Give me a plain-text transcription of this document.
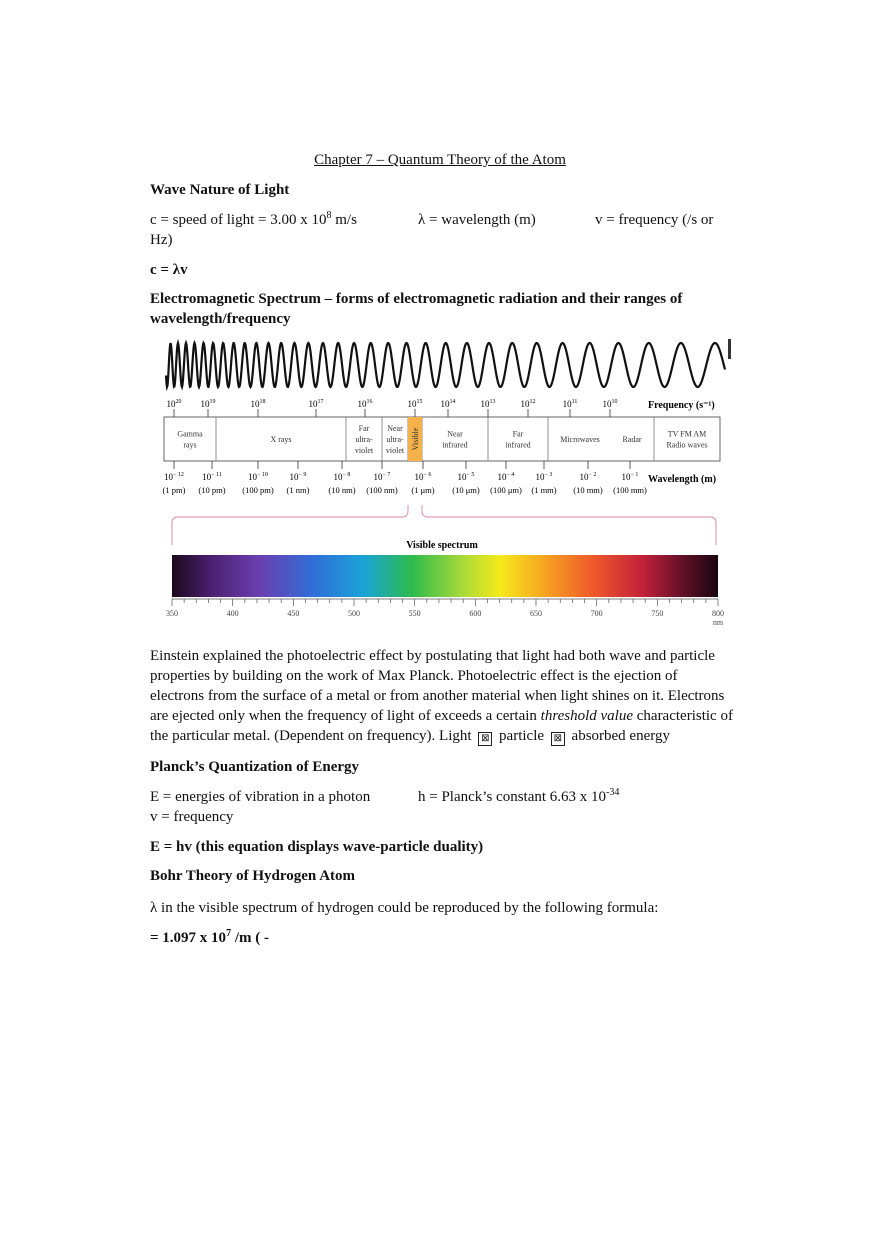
Chapter 7 – Quantum Theory of the Atom
Wave Nature of Light
c = speed of light = 3.00 x $10^8$ m/s	λ = wavelength (m)	v = frequency (/s or
Hz)
c = λv
Electromagnetic Spectrum – forms of electromagnetic radiation and their ranges of
wavelength/frequency
$10^{20}$ $10^{19}$	$10^{18}$	$10^{17}$	$10^{16}$	$10^{15}$ $10^{14}$	$10^{13}$	$10^{12}$	$10^{11}$	$10^{10}$	Frequency (s⁻¹)
Gamma
rays
X rays
Far
ultra-
violet
Near
ultra-
violet
Visible	Near
infrared
Far
infrared
Microwaves	Radar
TV FM AM
Radio waves
$10^{- 12}$
(1 pm)
$10^{- 11}$
(10 pm)
$10^{- 10}$
(100 pm)
$10^{- 9}$
(1 nm)
$10^{- 8}$
(10 nm)
$10^{- 7}$
(100 nm)
$10^{- 6}$
(1 μm)
$10^{- 5}$
(10 μm)
$10^{- 4}$
(100 μm)
$10^{- 3}$
(1 mm)
$10^{- 2}$
(10 mm)
$10^{- 1}$
(100 mm)
Wavelength (m)
Visible spectrum
350	400	450	500	550	600	650	700	750	800
nm
Einstein explained the photoelectric effect by postulating that light had both wave and particle
properties by building on the work of Max Planck. Photoelectric effect is the ejection of
electrons from the surface of a metal or from another material when light shines on it. Electrons
are ejected only when the frequency of light of exceeds a certain threshold value characteristic of
the particular metal. (Dependent on frequency). Light ⊠ particle ⊠ absorbed energy
Planck’s Quantization of Energy
E = energies of vibration in a photon	h = Planck’s constant 6.63 x $10^{-34}$
v = frequency
E = hv (this equation displays wave-particle duality)
Bohr Theory of Hydrogen Atom
λ in the visible spectrum of hydrogen could be reproduced by the following formula:
= 1.097 x $10^7$ /m ( -
